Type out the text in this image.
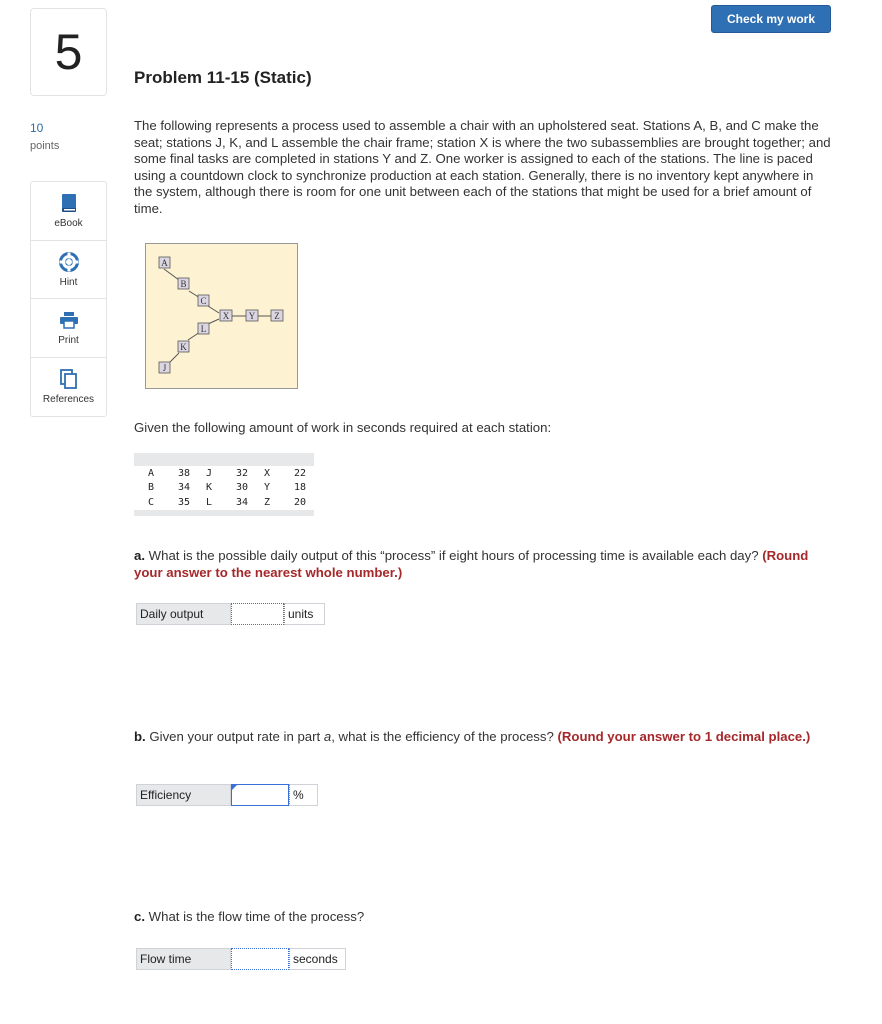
5
10
points
eBook
Hint
Print
References
Check my work
Problem 11-15 (Static)
The following represents a process used to assemble a chair with an upholstered seat. Stations A, B, and C make the seat; stations J, K, and L assemble the chair frame; station X is where the two subassemblies are brought together; and some final tasks are completed in stations Y and Z. One worker is assigned to each of the stations. The line is paced using a countdown clock to synchronize production at each station. Generally, there is no inventory kept anywhere in the system, although there is room for one unit between each of the stations that might be used for a brief amount of time.
A
B
C
L
K
J
X Y Z
Given the following amount of work in seconds required at each station:
A	38	J	32	X	22
B	34	K	30	Y	18
C	35	L	34	Z	20
a. What is the possible daily output of this “process” if eight hours of processing time is available each day? (Round your answer to the nearest whole number.)
Daily output	units
b. Given your output rate in part a, what is the efficiency of the process? (Round your answer to 1 decimal place.)
Efficiency	%
c. What is the flow time of the process?
Flow time	seconds
